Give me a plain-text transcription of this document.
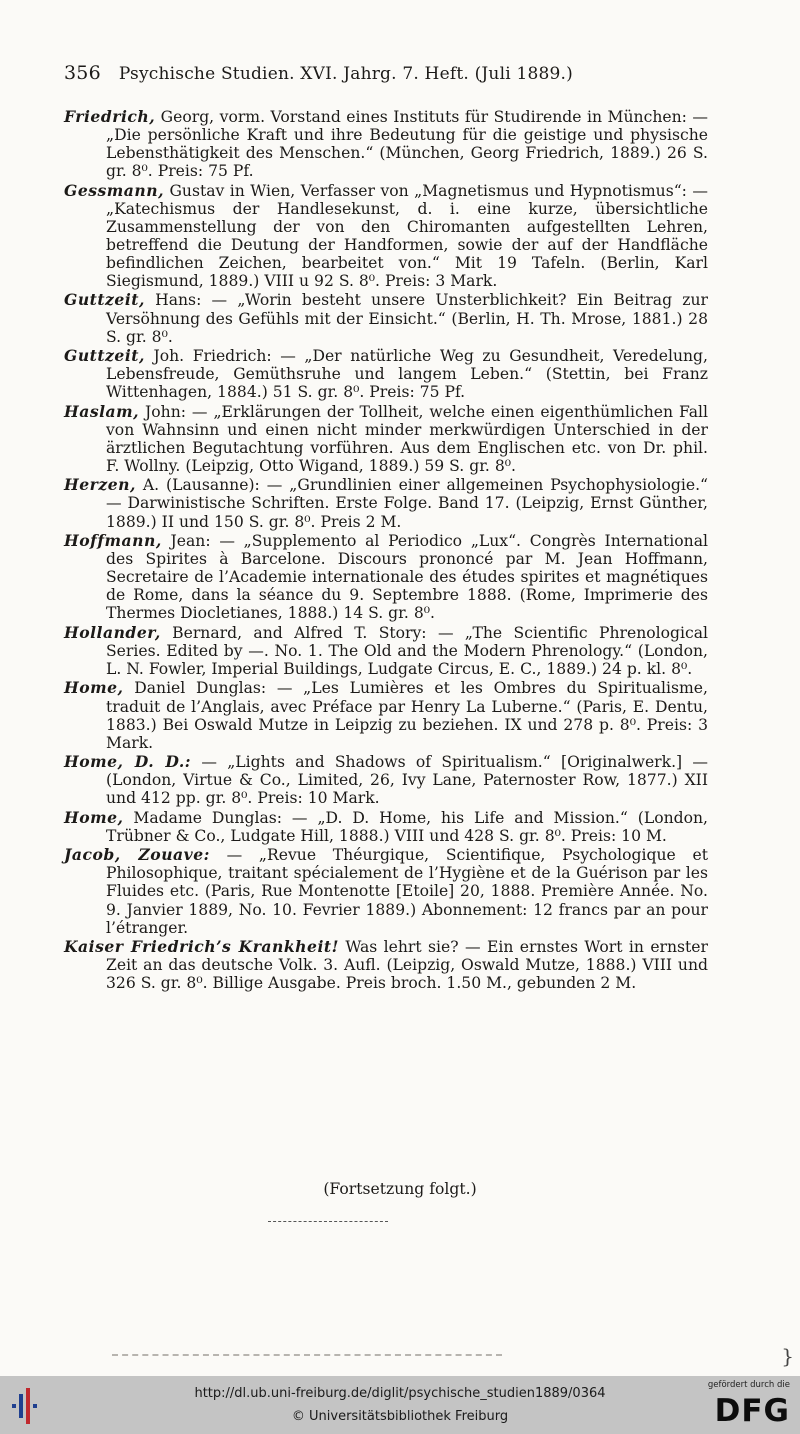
356 Psychische Studien. XVI. Jahrg. 7. Heft. (Juli 1889.)

Friedrich, Georg, vorm. Vorstand eines Instituts für Studirende in München: — „Die persönliche Kraft und ihre Bedeutung für die geistige und physische Lebensthätigkeit des Menschen.“ (München, Georg Friedrich, 1889.) 26 S. gr. 8⁰. Preis: 75 Pf.

Gessmann, Gustav in Wien, Verfasser von „Magnetismus und Hypnotismus“: — „Katechismus der Handlesekunst, d. i. eine kurze, übersichtliche Zusammenstellung der von den Chiromanten aufgestellten Lehren, betreffend die Deutung der Handformen, sowie der auf der Handfläche befindlichen Zeichen, bearbeitet von.“ Mit 19 Tafeln. (Berlin, Karl Siegismund, 1889.) VIII u 92 S. 8⁰. Preis: 3 Mark.

Guttzeit, Hans: — „Worin besteht unsere Unsterblichkeit? Ein Beitrag zur Versöhnung des Gefühls mit der Einsicht.“ (Berlin, H. Th. Mrose, 1881.) 28 S. gr. 8⁰.

Guttzeit, Joh. Friedrich: — „Der natürliche Weg zu Gesundheit, Veredelung, Lebensfreude, Gemüthsruhe und langem Leben.“ (Stettin, bei Franz Wittenhagen, 1884.) 51 S. gr. 8⁰. Preis: 75 Pf.

Haslam, John: — „Erklärungen der Tollheit, welche einen eigenthümlichen Fall von Wahnsinn und einen nicht minder merkwürdigen Unterschied in der ärztlichen Begutachtung vorführen. Aus dem Englischen etc. von Dr. phil. F. Wollny. (Leipzig, Otto Wigand, 1889.) 59 S. gr. 8⁰.

Herzen, A. (Lausanne): — „Grundlinien einer allgemeinen Psychophysiologie.“ — Darwinistische Schriften. Erste Folge. Band 17. (Leipzig, Ernst Günther, 1889.) II und 150 S. gr. 8⁰. Preis 2 M.

Hoffmann, Jean: — „Supplemento al Periodico „Lux“. Congrès International des Spirites à Barcelone. Discours prononcé par M. Jean Hoffmann, Secretaire de l’Academie internationale des études spirites et magnétiques de Rome, dans la séance du 9. Septembre 1888. (Rome, Imprimerie des Thermes Diocletianes, 1888.) 14 S. gr. 8⁰.

Hollander, Bernard, and Alfred T. Story: — „The Scientific Phrenological Series. Edited by —. No. 1. The Old and the Modern Phrenology.“ (London, L. N. Fowler, Imperial Buildings, Ludgate Circus, E. C., 1889.) 24 p. kl. 8⁰.

Home, Daniel Dunglas: — „Les Lumières et les Ombres du Spiritualisme, traduit de l’Anglais, avec Préface par Henry La Luberne.“ (Paris, E. Dentu, 1883.) Bei Oswald Mutze in Leipzig zu beziehen. IX und 278 p. 8⁰. Preis: 3 Mark.

Home, D. D.: — „Lights and Shadows of Spiritualism.“ [Originalwerk.] — (London, Virtue & Co., Limited, 26, Ivy Lane, Paternoster Row, 1877.) XII und 412 pp. gr. 8⁰. Preis: 10 Mark.

Home, Madame Dunglas: — „D. D. Home, his Life and Mission.“ (London, Trübner & Co., Ludgate Hill, 1888.) VIII und 428 S. gr. 8⁰. Preis: 10 M.

Jacob, Zouave: — „Revue Théurgique, Scientifique, Psychologique et Philosophique, traitant spécialement de l’Hygiène et de la Guérison par les Fluides etc. (Paris, Rue Montenotte [Etoile] 20, 1888. Première Année. No. 9. Janvier 1889, No. 10. Fevrier 1889.) Abonnement: 12 francs par an pour l’étranger.

Kaiser Friedrich’s Krankheit! Was lehrt sie? — Ein ernstes Wort in ernster Zeit an das deutsche Volk. 3. Aufl. (Leipzig, Oswald Mutze, 1888.) VIII und 326 S. gr. 8⁰. Billige Ausgabe. Preis broch. 1.50 M., gebunden 2 M.

(Fortsetzung folgt.)
}
http://dl.ub.uni-freiburg.de/diglit/psychische_studien1889/0364
© Universitätsbibliothek Freiburg
gefördert durch die
DFG
